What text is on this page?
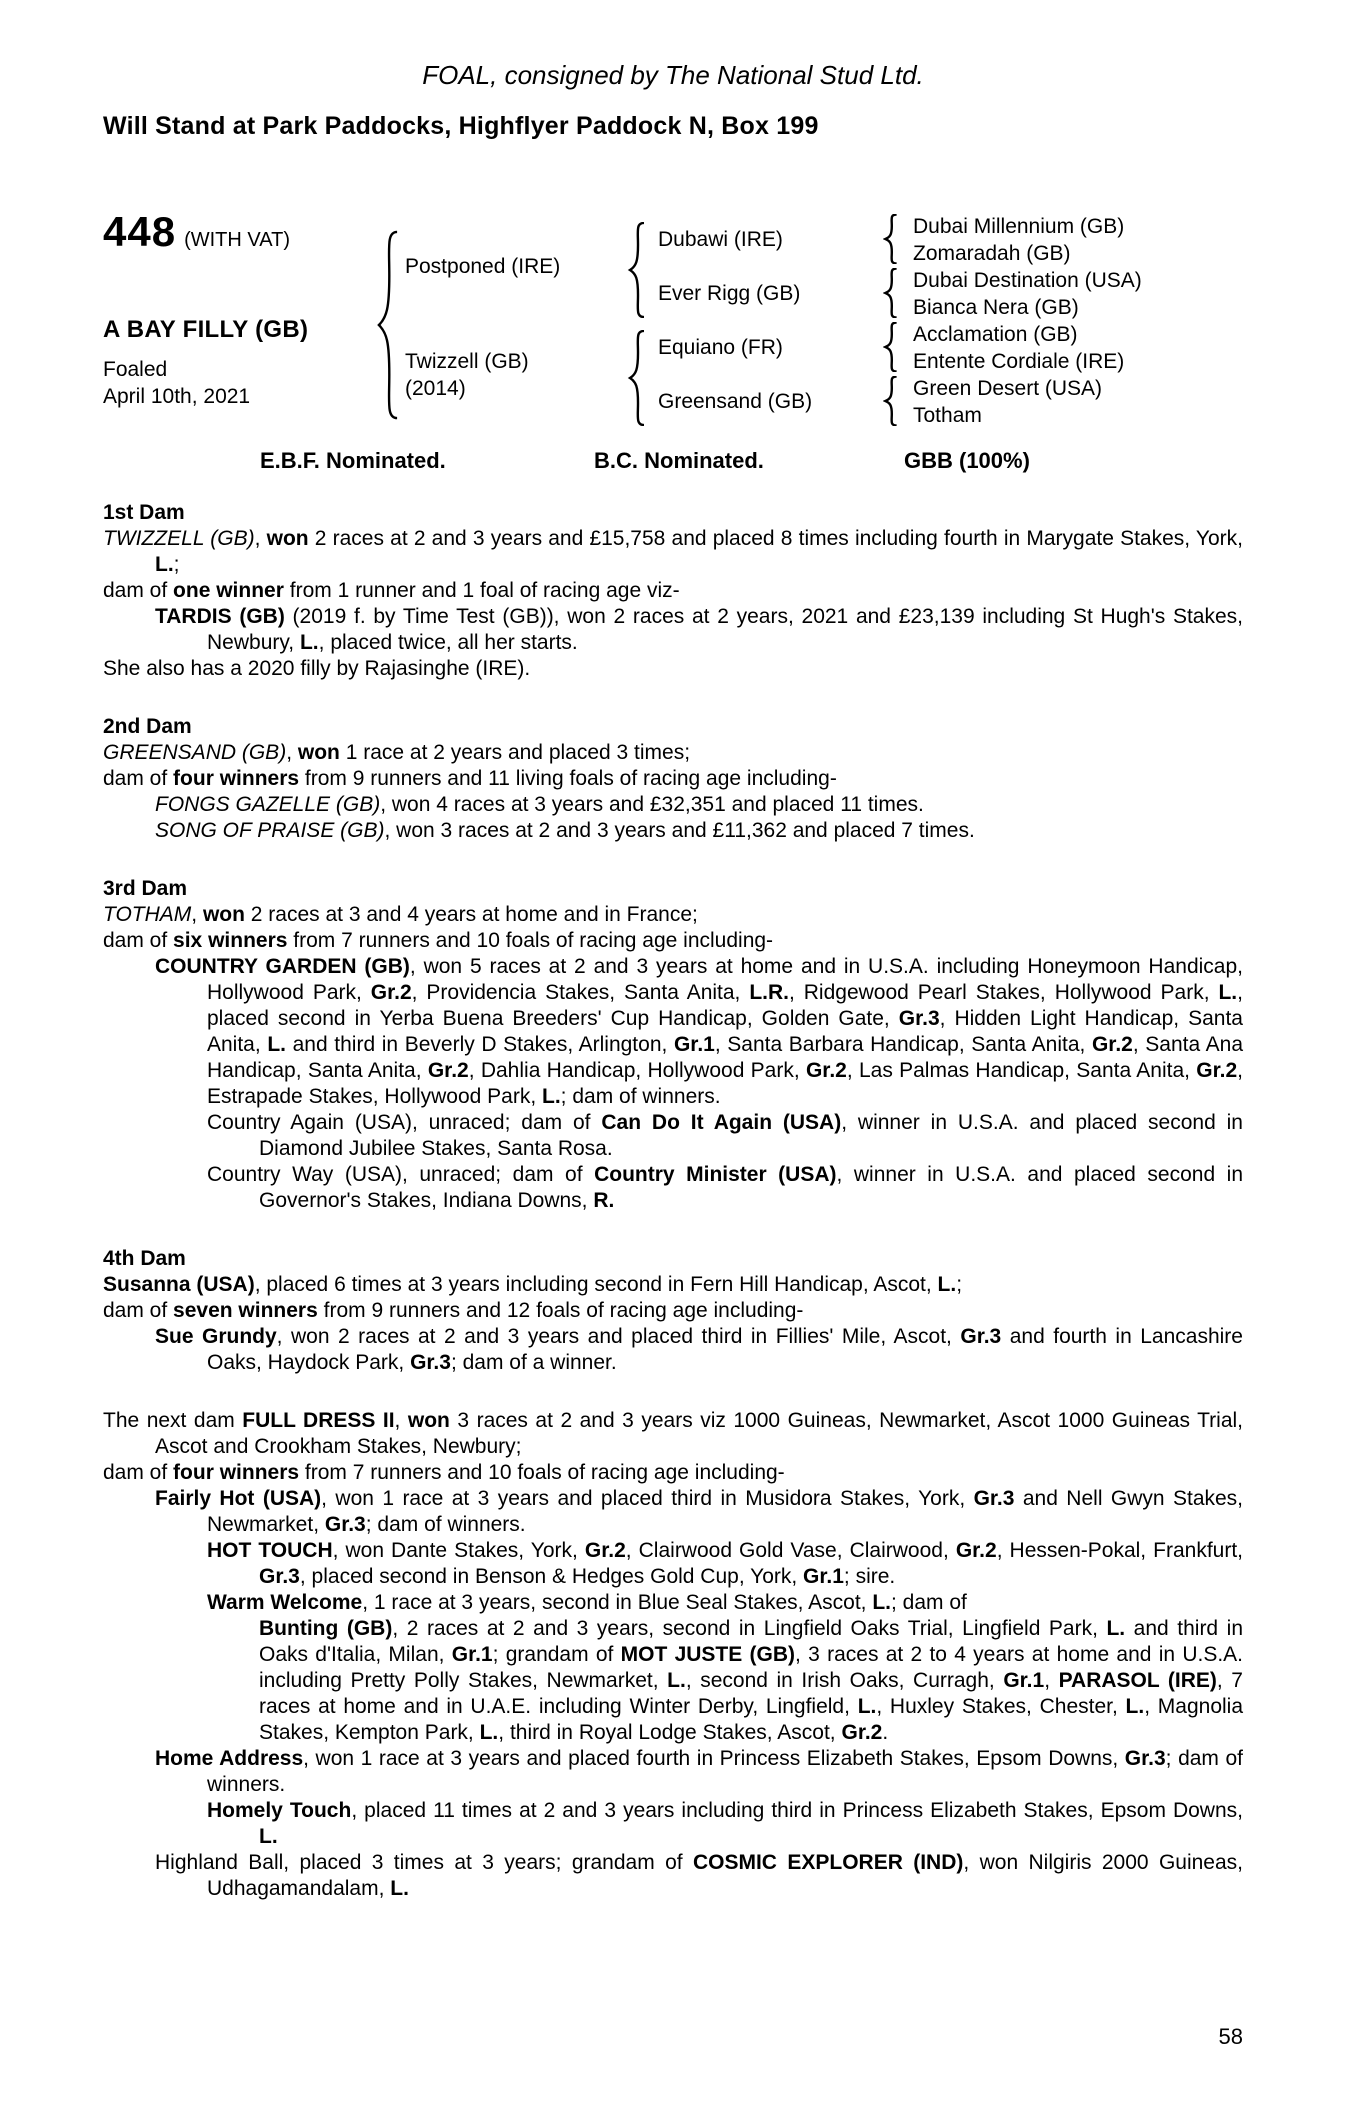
FOAL, consigned by The National Stud Ltd.
Will Stand at Park Paddocks, Highflyer Paddock N, Box 199
448 (WITH VAT)
A BAY FILLY (GB)
Foaled
April 10th, 2021
Postponed (IRE)
Twizzell (GB)
(2014)
Dubawi (IRE)
Dubai Millennium (GB)
Zomaradah (GB)
Ever Rigg (GB)
Dubai Destination (USA)
Bianca Nera (GB)
Equiano (FR)
Acclamation (GB)
Entente Cordiale (IRE)
Greensand (GB)
Green Desert (USA)
Totham
E.B.F. Nominated.	B.C. Nominated.	GBB (100%)
1st Dam

TWIZZELL (GB), won 2 races at 2 and 3 years and £15,758 and placed 8 times including fourth in Marygate Stakes, York, L.;

dam of one winner from 1 runner and 1 foal of racing age viz-

TARDIS (GB) (2019 f. by Time Test (GB)), won 2 races at 2 years, 2021 and £23,139 including St Hugh's Stakes, Newbury, L., placed twice, all her starts.

She also has a 2020 filly by Rajasinghe (IRE).

2nd Dam

GREENSAND (GB), won 1 race at 2 years and placed 3 times;

dam of four winners from 9 runners and 11 living foals of racing age including-

FONGS GAZELLE (GB), won 4 races at 3 years and £32,351 and placed 11 times.

SONG OF PRAISE (GB), won 3 races at 2 and 3 years and £11,362 and placed 7 times.

3rd Dam

TOTHAM, won 2 races at 3 and 4 years at home and in France;

dam of six winners from 7 runners and 10 foals of racing age including-

COUNTRY GARDEN (GB), won 5 races at 2 and 3 years at home and in U.S.A. including Honeymoon Handicap, Hollywood Park, Gr.2, Providencia Stakes, Santa Anita, L.R., Ridgewood Pearl Stakes, Hollywood Park, L., placed second in Yerba Buena Breeders' Cup Handicap, Golden Gate, Gr.3, Hidden Light Handicap, Santa Anita, L. and third in Beverly D Stakes, Arlington, Gr.1, Santa Barbara Handicap, Santa Anita, Gr.2, Santa Ana Handicap, Santa Anita, Gr.2, Dahlia Handicap, Hollywood Park, Gr.2, Las Palmas Handicap, Santa Anita, Gr.2, Estrapade Stakes, Hollywood Park, L.; dam of winners.

Country Again (USA), unraced; dam of Can Do It Again (USA), winner in U.S.A. and placed second in Diamond Jubilee Stakes, Santa Rosa.

Country Way (USA), unraced; dam of Country Minister (USA), winner in U.S.A. and placed second in Governor's Stakes, Indiana Downs, R.

4th Dam

Susanna (USA), placed 6 times at 3 years including second in Fern Hill Handicap, Ascot, L.;

dam of seven winners from 9 runners and 12 foals of racing age including-

Sue Grundy, won 2 races at 2 and 3 years and placed third in Fillies' Mile, Ascot, Gr.3 and fourth in Lancashire Oaks, Haydock Park, Gr.3; dam of a winner.

The next dam FULL DRESS II, won 3 races at 2 and 3 years viz 1000 Guineas, Newmarket, Ascot 1000 Guineas Trial, Ascot and Crookham Stakes, Newbury;

dam of four winners from 7 runners and 10 foals of racing age including-

Fairly Hot (USA), won 1 race at 3 years and placed third in Musidora Stakes, York, Gr.3 and Nell Gwyn Stakes, Newmarket, Gr.3; dam of winners.

HOT TOUCH, won Dante Stakes, York, Gr.2, Clairwood Gold Vase, Clairwood, Gr.2, Hessen-Pokal, Frankfurt, Gr.3, placed second in Benson & Hedges Gold Cup, York, Gr.1; sire.

Warm Welcome, 1 race at 3 years, second in Blue Seal Stakes, Ascot, L.; dam of

Bunting (GB), 2 races at 2 and 3 years, second in Lingfield Oaks Trial, Lingfield Park, L. and third in Oaks d'Italia, Milan, Gr.1; grandam of MOT JUSTE (GB), 3 races at 2 to 4 years at home and in U.S.A. including Pretty Polly Stakes, Newmarket, L., second in Irish Oaks, Curragh, Gr.1, PARASOL (IRE), 7 races at home and in U.A.E. including Winter Derby, Lingfield, L., Huxley Stakes, Chester, L., Magnolia Stakes, Kempton Park, L., third in Royal Lodge Stakes, Ascot, Gr.2.

Home Address, won 1 race at 3 years and placed fourth in Princess Elizabeth Stakes, Epsom Downs, Gr.3; dam of winners.

Homely Touch, placed 11 times at 2 and 3 years including third in Princess Elizabeth Stakes, Epsom Downs, L.

Highland Ball, placed 3 times at 3 years; grandam of COSMIC EXPLORER (IND), won Nilgiris 2000 Guineas, Udhagamandalam, L.

58
